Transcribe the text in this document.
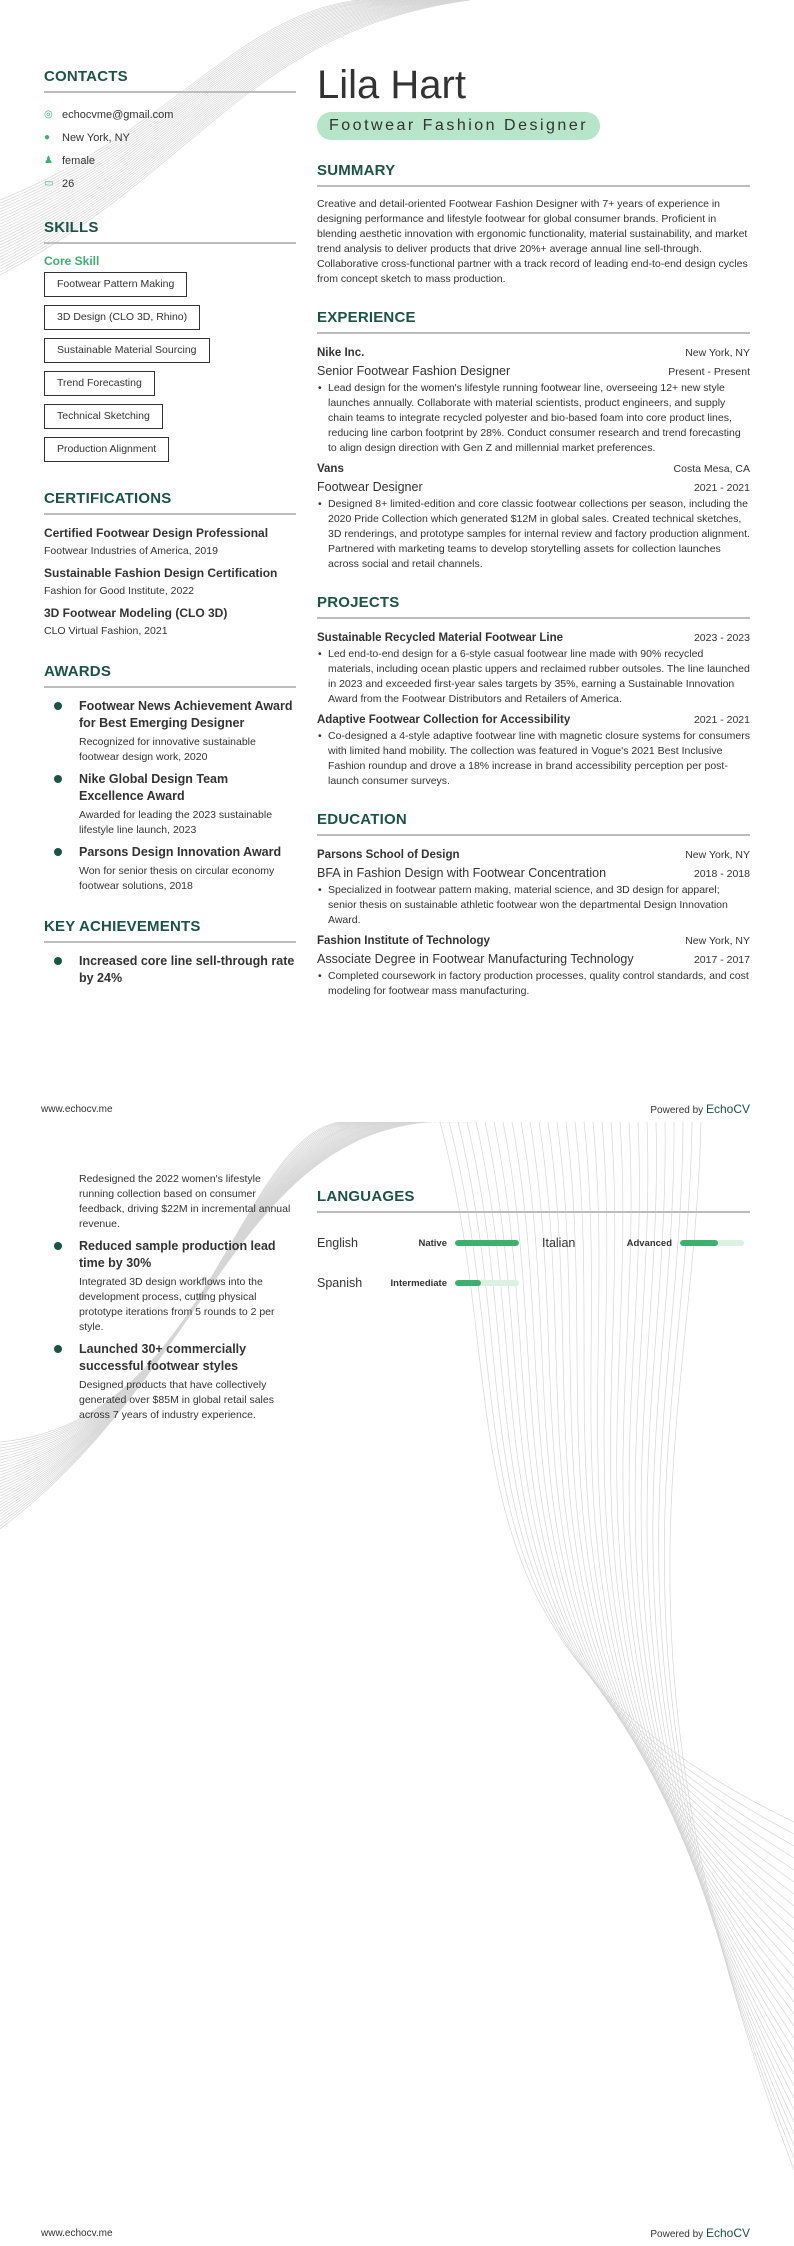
CONTACTS
◎ echocvme@gmail.com
●	New York, NY
♟ female
▭ 26
SKILLS
Core Skill
Footwear Pattern Making
3D Design (CLO 3D, Rhino)
Sustainable Material Sourcing
Trend Forecasting
Technical Sketching
Production Alignment
CERTIFICATIONS
Certified Footwear Design Professional
Footwear Industries of America, 2019
Sustainable Fashion Design Certification
Fashion for Good Institute, 2022
3D Footwear Modeling (CLO 3D)
CLO Virtual Fashion, 2021
AWARDS
Footwear News Achievement Award for Best Emerging Designer
Recognized for innovative sustainable footwear design work, 2020
Nike Global Design Team Excellence Award
Awarded for leading the 2023 sustainable lifestyle line launch, 2023
Parsons Design Innovation Award
Won for senior thesis on circular economy footwear solutions, 2018
KEY ACHIEVEMENTS
Increased core line sell-through rate by 24%
Lila Hart
Footwear Fashion Designer
SUMMARY
Creative and detail-oriented Footwear Fashion Designer with 7+ years of experience in designing performance and lifestyle footwear for global consumer brands. Proficient in blending aesthetic innovation with ergonomic functionality, material sustainability, and market trend analysis to deliver products that drive 20%+ average annual line sell-through. Collaborative cross-functional partner with a track record of leading end-to-end design cycles from concept sketch to mass production.
EXPERIENCE
Nike Inc.	New York, NY
Senior Footwear Fashion Designer	Present - Present
• Lead design for the women's lifestyle running footwear line, overseeing 12+ new style launches annually. Collaborate with material scientists, product engineers, and supply chain teams to integrate recycled polyester and bio-based foam into core product lines, reducing line carbon footprint by 28%. Conduct consumer research and trend forecasting to align design direction with Gen Z and millennial market preferences.
Vans	Costa Mesa, CA
Footwear Designer	2021 - 2021
• Designed 8+ limited-edition and core classic footwear collections per season, including the 2020 Pride Collection which generated $12M in global sales. Created technical sketches, 3D renderings, and prototype samples for internal review and factory production alignment. Partnered with marketing teams to develop storytelling assets for collection launches across social and retail channels.
PROJECTS
Sustainable Recycled Material Footwear Line	2023 - 2023
• Led end-to-end design for a 6-style casual footwear line made with 90% recycled materials, including ocean plastic uppers and reclaimed rubber outsoles. The line launched in 2023 and exceeded first-year sales targets by 35%, earning a Sustainable Innovation Award from the Footwear Distributors and Retailers of America.
Adaptive Footwear Collection for Accessibility	2021 - 2021
• Co-designed a 4-style adaptive footwear line with magnetic closure systems for consumers with limited hand mobility. The collection was featured in Vogue's 2021 Best Inclusive Fashion roundup and drove a 18% increase in brand accessibility perception per post-launch consumer surveys.
EDUCATION
Parsons School of Design	New York, NY
BFA in Fashion Design with Footwear Concentration	2018 - 2018
• Specialized in footwear pattern making, material science, and 3D design for apparel; senior thesis on sustainable athletic footwear won the departmental Design Innovation Award.
Fashion Institute of Technology	New York, NY
Associate Degree in Footwear Manufacturing Technology	2017 - 2017
• Completed coursework in factory production processes, quality control standards, and cost modeling for footwear mass manufacturing.
www.echocv.me	Powered by EchoCV
Redesigned the 2022 women's lifestyle running collection based on consumer feedback, driving $22M in incremental annual revenue.
Reduced sample production lead time by 30%
Integrated 3D design workflows into the development process, cutting physical prototype iterations from 5 rounds to 2 per style.
Launched 30+ commercially successful footwear styles
Designed products that have collectively generated over $85M in global retail sales across 7 years of industry experience.
LANGUAGES
English	Native	Italian	Advanced
Spanish	Intermediate
www.echocv.me	Powered by EchoCV
